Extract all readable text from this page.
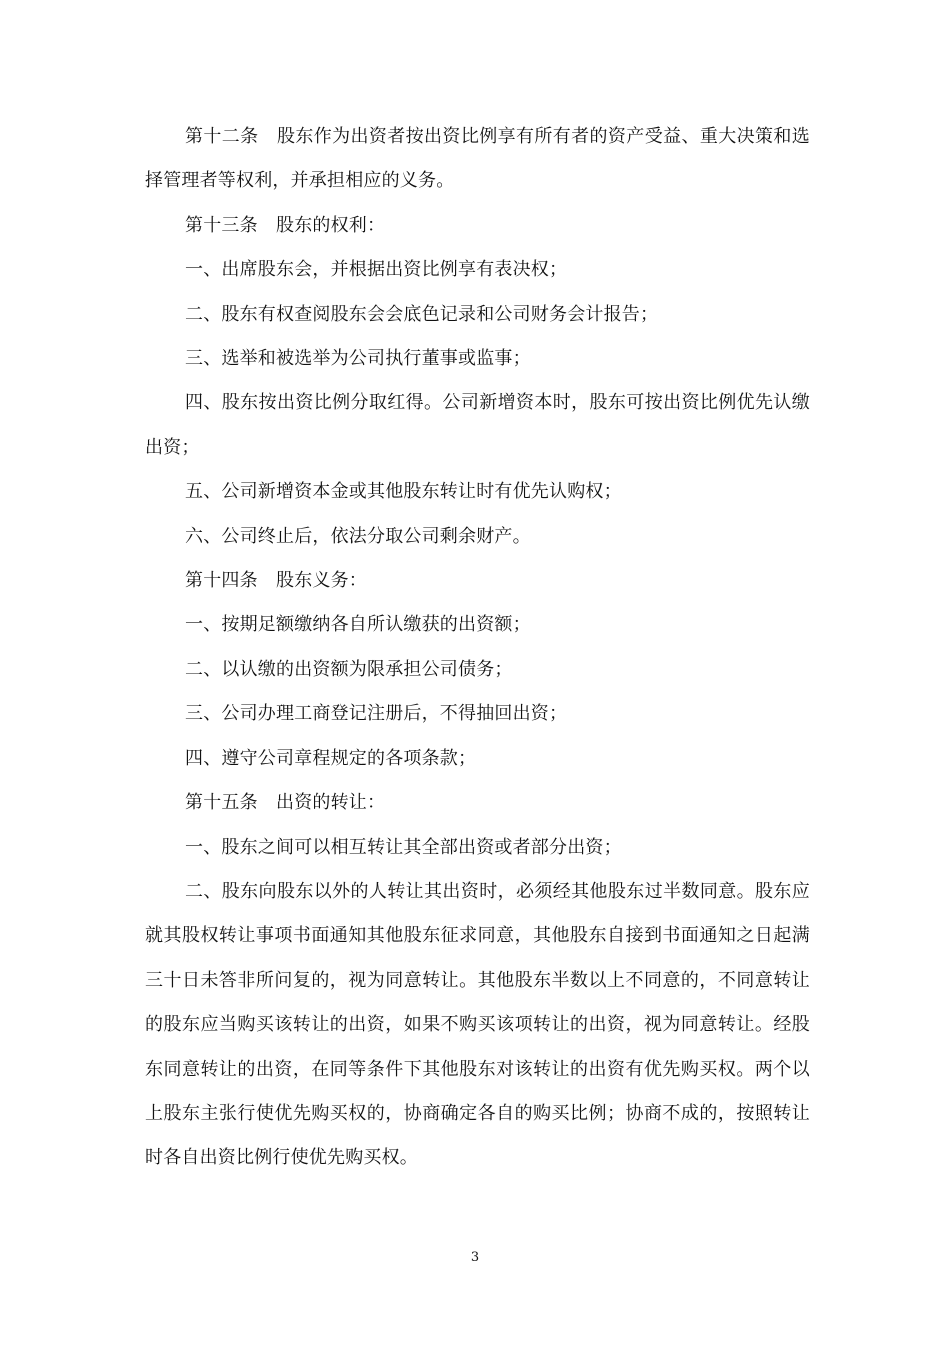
第十二条　股东作为出资者按出资比例享有所有者的资产受益、重大决策和选择管理者等权利，并承担相应的义务。

第十三条　股东的权利：

一、出席股东会，并根据出资比例享有表决权；

二、股东有权查阅股东会会底色记录和公司财务会计报告；

三、选举和被选举为公司执行董事或监事；

四、股东按出资比例分取红得。公司新增资本时，股东可按出资比例优先认缴出资；

五、公司新增资本金或其他股东转让时有优先认购权；

六、公司终止后，依法分取公司剩余财产。

第十四条　股东义务：

一、按期足额缴纳各自所认缴获的出资额；

二、以认缴的出资额为限承担公司债务；

三、公司办理工商登记注册后，不得抽回出资；

四、遵守公司章程规定的各项条款；

第十五条　出资的转让：

一、股东之间可以相互转让其全部出资或者部分出资；

二、股东向股东以外的人转让其出资时，必须经其他股东过半数同意。股东应就其股权转让事项书面通知其他股东征求同意，其他股东自接到书面通知之日起满三十日未答非所问复的，视为同意转让。其他股东半数以上不同意的，不同意转让的股东应当购买该转让的出资，如果不购买该项转让的出资，视为同意转让。经股东同意转让的出资，在同等条件下其他股东对该转让的出资有优先购买权。两个以上股东主张行使优先购买权的，协商确定各自的购买比例；协商不成的，按照转让时各自出资比例行使优先购买权。

3
